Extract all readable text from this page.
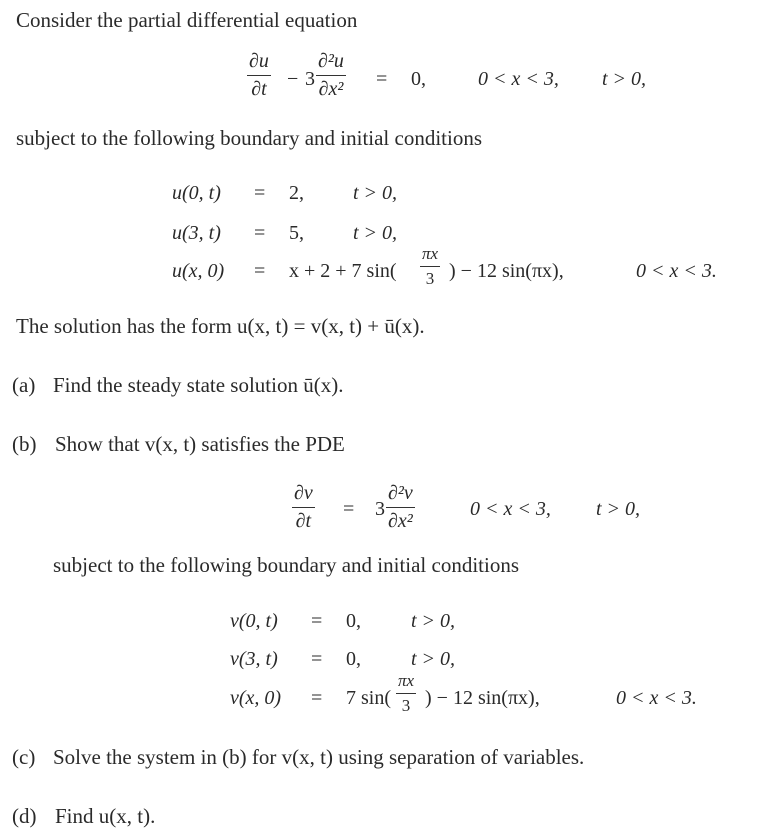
Consider the partial differential equation
$\frac{\partial u}{\partial t} - 3 \frac{\text{∂²u}}{\text{∂x²}} = 0$,	0 < x < 3, t > 0,
subject to the following boundary and initial conditions
u(0, t) = 2, t > 0,
u(3, t) = 5, t > 0,
u(x, 0) = x + 2 + 7 $\sin( \frac{\pi x}{3}$ ) − 12 sin(πx),	0 < x < 3.
The solution has the form u(x, t) = v(x, t) + ū(x).
(a) Find the steady state solution ū(x).
(b) Show that v(x, t) satisfies the PDE
$\frac{\partial v}{\partial t} = 3 \frac{\text{∂²v}}{\text{∂x²}}$	0 < x < 3, t > 0,
subject to the following boundary and initial conditions
v(0, t) = 0,	t > 0,
v(3, t) = 0,	t > 0,
v(x, 0) = 7 $\sin( \frac{\pi x}{3}$ ) − 12 sin(πx),	0 < x < 3.
(c) Solve the system in (b) for v(x, t) using separation of variables.
(d) Find u(x, t).
